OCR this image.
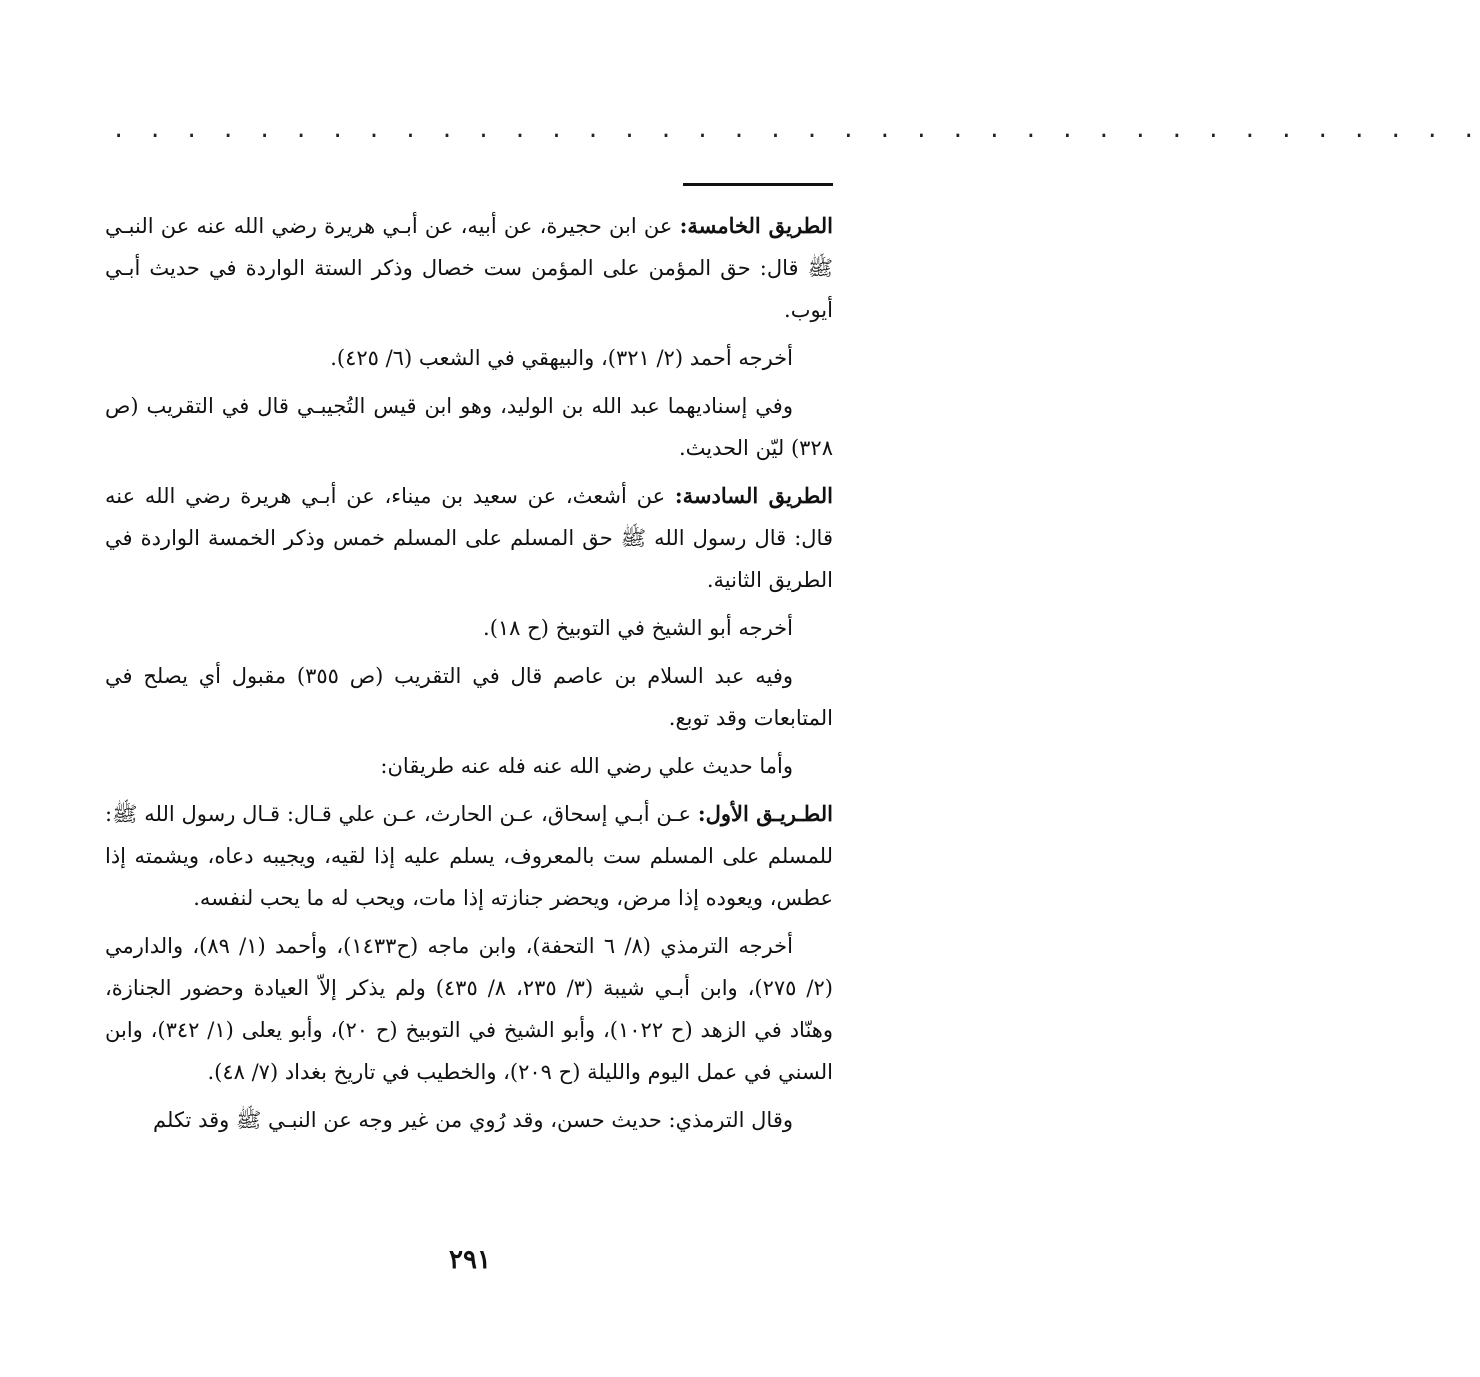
. . . . . . . . . . . . . . . . . . . . . . . . . . . . . . . . . . . . . .

الطريق الخامسة: عن ابن حجيرة، عن أبيه، عن أبـي هريرة رضي الله عنه عن النبـي ﷺ قال: حق المؤمن على المؤمن ست خصال وذكر الستة الواردة في حديث أبـي أيوب.

أخرجه أحمد (٢/ ٣٢١)، والبيهقي في الشعب (٦/ ٤٢٥).

وفي إسناديهما عبد الله بن الوليد، وهو ابن قيس التُجيبـي قال في التقريب (ص ٣٢٨) ليّن الحديث.

الطريق السادسة: عن أشعث، عن سعيد بن ميناء، عن أبـي هريرة رضي الله عنه قال: قال رسول الله ﷺ حق المسلم على المسلم خمس وذكر الخمسة الواردة في الطريق الثانية.

أخرجه أبو الشيخ في التوبيخ (ح ١٨).

وفيه عبد السلام بن عاصم قال في التقريب (ص ٣٥٥) مقبول أي يصلح في المتابعات وقد توبع.

وأما حديث علي رضي الله عنه فله عنه طريقان:

الطـريـق الأول: عـن أبـي إسحاق، عـن الحارث، عـن علي قـال: قـال رسول الله ﷺ: للمسلم على المسلم ست بالمعروف، يسلم عليه إذا لقيه، ويجيبه دعاه، ويشمته إذا عطس، ويعوده إذا مرض، ويحضر جنازته إذا مات، ويحب له ما يحب لنفسه.

أخرجه الترمذي (٨/ ٦ التحفة)، وابن ماجه (ح١٤٣٣)، وأحمد (١/ ٨٩)، والدارمي (٢/ ٢٧٥)، وابن أبـي شيبة (٣/ ٢٣٥، ٨/ ٤٣٥) ولم يذكر إلاّ العيادة وحضور الجنازة، وهنّاد في الزهد (ح ١٠٢٢)، وأبو الشيخ في التوبيخ (ح ٢٠)، وأبو يعلى (١/ ٣٤٢)، وابن السني في عمل اليوم والليلة (ح ٢٠٩)، والخطيب في تاريخ بغداد (٧/ ٤٨).

وقال الترمذي: حديث حسن، وقد رُوي من غير وجه عن النبـي ﷺ وقد تكلم

٢٩١
